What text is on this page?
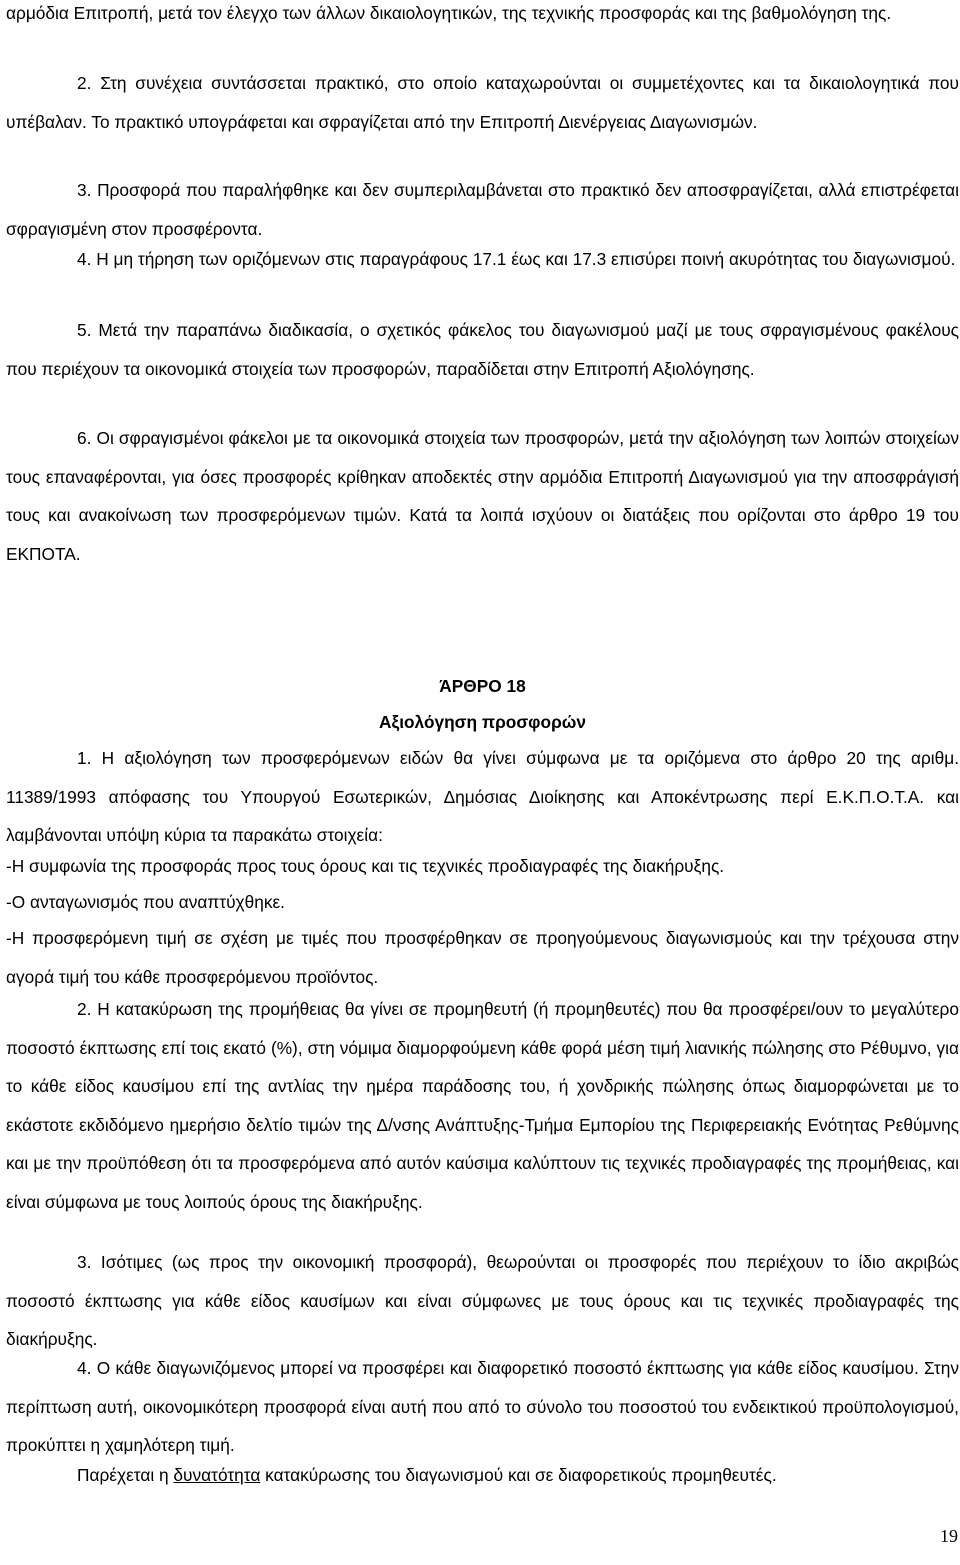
αρμόδια Επιτροπή, μετά τον έλεγχο των άλλων δικαιολογητικών, της τεχνικής προσφοράς και της βαθμολόγηση της.

2. Στη συνέχεια συντάσσεται πρακτικό, στο οποίο καταχωρούνται οι συμμετέχοντες και τα δικαιολογητικά που υπέβαλαν. Το πρακτικό υπογράφεται και σφραγίζεται από την Επιτροπή Διενέργειας Διαγωνισμών.

3. Προσφορά που παραλήφθηκε και δεν συμπεριλαμβάνεται στο πρακτικό δεν αποσφραγίζεται, αλλά επιστρέφεται σφραγισμένη στον προσφέροντα.

4. Η μη τήρηση των οριζόμενων στις παραγράφους 17.1 έως και 17.3 επισύρει ποινή ακυρότητας του διαγωνισμού.

5. Μετά την παραπάνω διαδικασία, ο σχετικός φάκελος του διαγωνισμού μαζί με τους σφραγισμένους φακέλους που περιέχουν τα οικονομικά στοιχεία των προσφορών, παραδίδεται στην Επιτροπή Αξιολόγησης.

6. Οι σφραγισμένοι φάκελοι με τα οικονομικά στοιχεία των προσφορών, μετά την αξιολόγηση των λοιπών στοιχείων τους επαναφέρονται, για όσες προσφορές κρίθηκαν αποδεκτές στην αρμόδια Επιτροπή Διαγωνισμού για την αποσφράγισή τους και ανακοίνωση των προσφερόμενων τιμών. Κατά τα λοιπά ισχύουν οι διατάξεις που ορίζονται στο άρθρο 19 του ΕΚΠΟΤΑ.

ΆΡΘΡΟ 18

Αξιολόγηση προσφορών

1. Η αξιολόγηση των προσφερόμενων ειδών θα γίνει σύμφωνα με τα οριζόμενα στο άρθρο 20 της αριθμ. 11389/1993 απόφασης του Υπουργού Εσωτερικών, Δημόσιας Διοίκησης και Αποκέντρωσης περί Ε.Κ.Π.Ο.Τ.Α. και λαμβάνονται υπόψη κύρια τα παρακάτω στοιχεία:

-Η συμφωνία της προσφοράς προς τους όρους και τις τεχνικές προδιαγραφές της διακήρυξης.

-Ο ανταγωνισμός που αναπτύχθηκε.

-Η προσφερόμενη τιμή σε σχέση με τιμές που προσφέρθηκαν σε προηγούμενους διαγωνισμούς και την τρέχουσα στην αγορά τιμή του κάθε προσφερόμενου προϊόντος.

2. Η κατακύρωση της προμήθειας θα γίνει σε προμηθευτή (ή προμηθευτές) που θα προσφέρει/ουν το μεγαλύτερο ποσοστό έκπτωσης επί τοις εκατό (%), στη νόμιμα διαμορφούμενη κάθε φορά μέση τιμή λιανικής πώλησης στο Ρέθυμνο, για το κάθε είδος καυσίμου επί της αντλίας την ημέρα παράδοσης του, ή χονδρικής πώλησης όπως διαμορφώνεται με το εκάστοτε εκδιδόμενο ημερήσιο δελτίο τιμών της Δ/νσης Ανάπτυξης-Τμήμα Εμπορίου της Περιφερειακής Ενότητας Ρεθύμνης και με την προϋπόθεση ότι τα προσφερόμενα από αυτόν καύσιμα καλύπτουν τις τεχνικές προδιαγραφές της προμήθειας, και είναι σύμφωνα με τους λοιπούς όρους της διακήρυξης.

3. Ισότιμες (ως προς την οικονομική προσφορά), θεωρούνται οι προσφορές που περιέχουν το ίδιο ακριβώς ποσοστό έκπτωσης για κάθε είδος καυσίμων και είναι σύμφωνες με τους όρους και τις τεχνικές προδιαγραφές της διακήρυξης.

4. Ο κάθε διαγωνιζόμενος μπορεί να προσφέρει και διαφορετικό ποσοστό έκπτωσης για κάθε είδος καυσίμου. Στην περίπτωση αυτή, οικονομικότερη προσφορά είναι αυτή που από το σύνολο του ποσοστού του ενδεικτικού προϋπολογισμού, προκύπτει η χαμηλότερη τιμή.

Παρέχεται η δυνατότητα κατακύρωσης του διαγωνισμού και σε διαφορετικούς προμηθευτές.

19
